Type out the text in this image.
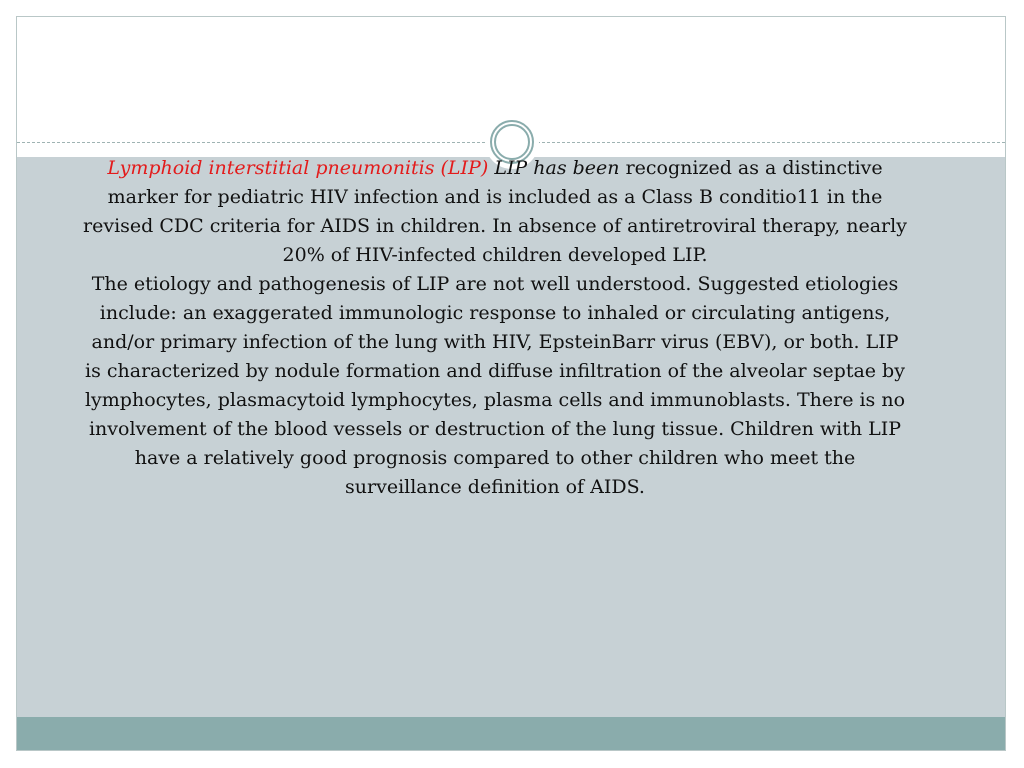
Lymphoid interstitial pneumonitis (LIP) LIP has been recognized as a distinctive marker for pediatric HIV infection and is included as a Class B conditio11 in the revised CDC criteria for AIDS in children. In absence of antiretroviral therapy, nearly 20% of HIV-infected children developed LIP.

The etiology and pathogenesis of LIP are not well understood. Suggested etiologies include: an exaggerated immunologic response to inhaled or circulating antigens, and/or primary infection of the lung with HIV, EpsteinBarr virus (EBV), or both. LIP is characterized by nodule formation and diffuse infiltration of the alveolar septae by lymphocytes, plasmacytoid lymphocytes, plasma cells and immunoblasts. There is no involvement of the blood vessels or destruction of the lung tissue. Children with LIP have a relatively good prognosis compared to other children who meet the surveillance definition of AIDS.
